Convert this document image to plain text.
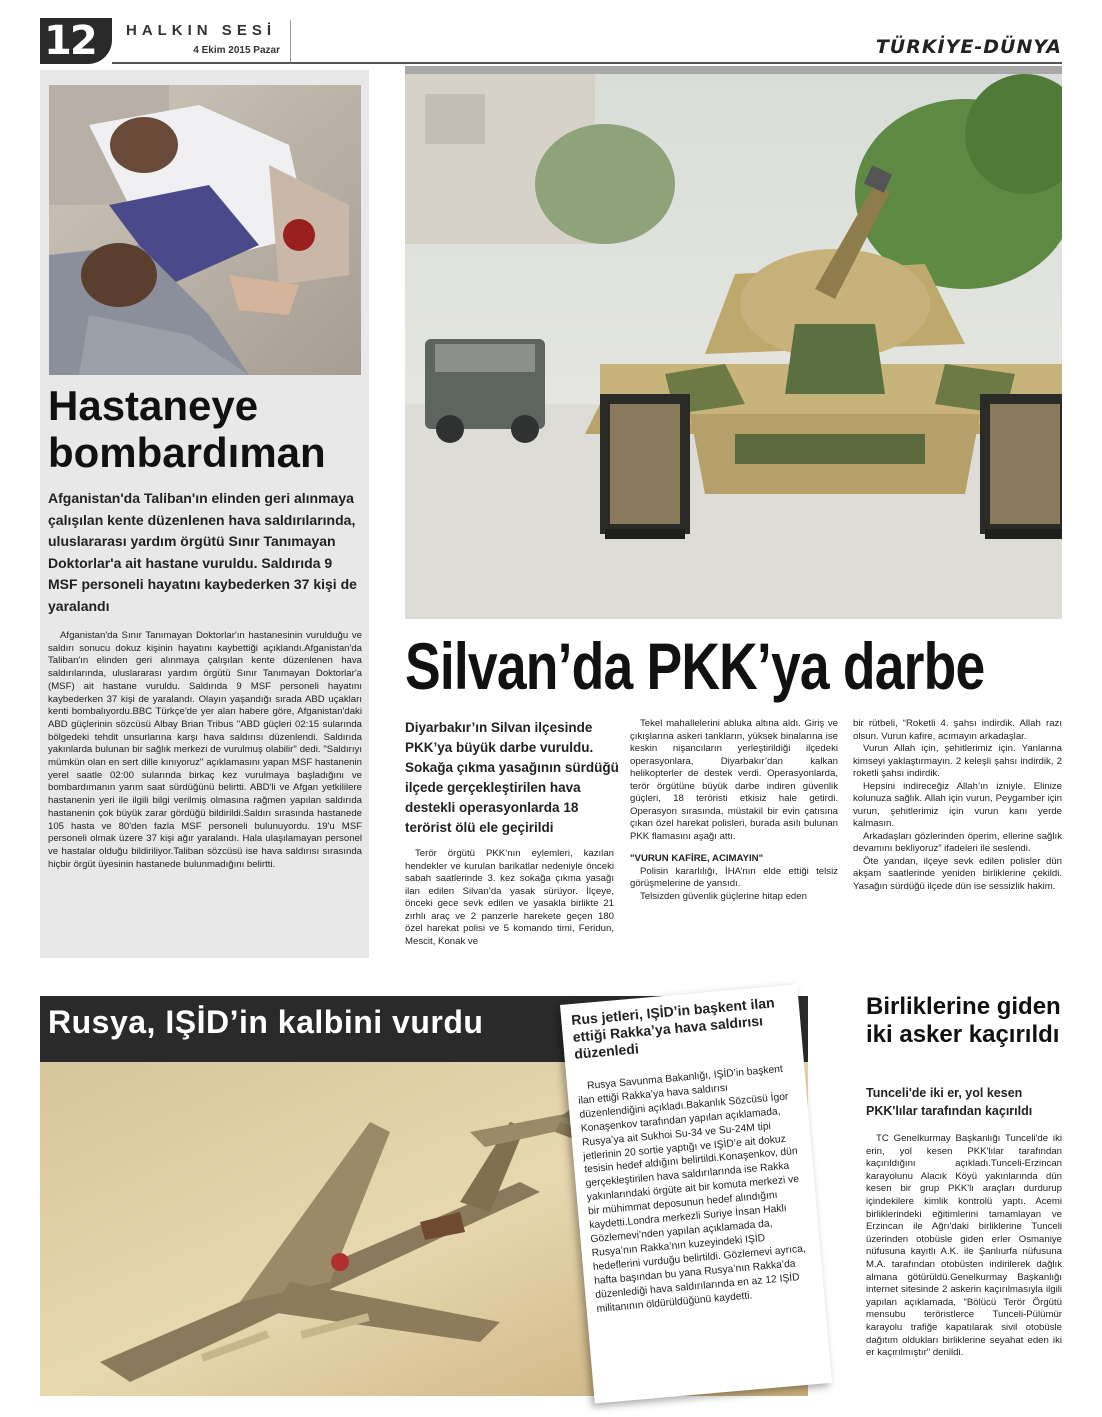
12	HALKIN SESİ
4 Ekim 2015 Pazar	TÜRKİYE-DÜNYA
Hastaneye bombardıman
Afganistan'da Taliban'ın elinden geri alınmaya çalışılan kente düzenlenen hava saldırılarında, uluslararası yardım örgütü Sınır Tanımayan Doktorlar'a ait hastane vuruldu. Saldırıda 9 MSF personeli hayatını kaybederken 37 kişi de yaralandı
Afganistan'da Sınır Tanımayan Doktorlar'ın hastanesinin vurulduğu ve saldırı sonucu dokuz kişinin hayatını kaybettiği açıklandı.Afganistan'da Taliban'ın elinden geri alınmaya çalışılan kente düzenlenen hava saldırılarında, uluslararası yardım örgütü Sınır Tanımayan Doktorlar'a (MSF) ait hastane vuruldu. Saldırıda 9 MSF personeli hayatını kaybederken 37 kişi de yaralandı. Olayın yaşandığı sırada ABD uçakları kenti bombalıyordu.BBC Türkçe'de yer alan habere göre, Afganistan'daki ABD güçlerinin sözcüsü Albay Brian Tribus "ABD güçleri 02:15 sularında bölgedeki tehdit unsurlarına karşı hava saldırısı düzenlendi. Saldırıda yakınlarda bulunan bir sağlık merkezi de vurulmuş olabilir" dedi. "Saldırıyı mümkün olan en sert dille kınıyoruz" açıklamasını yapan MSF hastanenin yerel saatle 02:00 sularında birkaç kez vurulmaya başladığını ve bombardımanın yarım saat sürdüğünü belirtti. ABD'li ve Afgan yetkililere hastanenin yeri ile ilgili bilgi verilmiş olmasına rağmen yapılan saldırıda hastanenin çok büyük zarar gördüğü bildirildi.Saldırı sırasında hastanede 105 hasta ve 80'den fazla MSF personeli bulunuyordu. 19'u MSF personeli olmak üzere 37 kişi ağır yaralandı. Hala ulaşılamayan personel ve hastalar olduğu bildiriliyor.Taliban sözcüsü ise hava saldırısı sırasında hiçbir örgüt üyesinin hastanede bulunmadığını belirtti.
Silvan’da PKK’ya darbe
Diyarbakır’ın Silvan ilçesinde PKK’ya büyük darbe vuruldu. Sokağa çıkma yasağının sürdüğü ilçede gerçekleştirilen hava destekli operasyonlarda 18 terörist ölü ele geçirildi

Terör örgütü PKK’nın eylemleri, kazılan hendekler ve kurulan barikatlar nedeniyle önceki sabah saatlerinde 3. kez sokağa çıkma yasağı ilan edilen Silvan’da yasak sürüyor. İlçeye, önceki gece sevk edilen ve yasakla birlikte 21 zırhlı araç ve 2 panzerle harekete geçen 180 özel harekat polisi ve 5 komando timi, Feridun, Mescit, Konak ve

Tekel mahallelerini abluka altına aldı. Giriş ve çıkışlarına askeri tankların, yüksek binalarına ise keskin nişancıların yerleştirildiği ilçedeki operasyonlara, Diyarbakır’dan kalkan helikopterler de destek verdi. Operasyonlarda, terör örgütüne büyük darbe indiren güvenlik güçleri, 18 teröristi etkisiz hale getirdi. Operasyon sırasında, müstakil bir evin çatısına çıkan özel harekat polisleri, burada asılı bulunan PKK flamasını aşağı attı.

"VURUN KAFİRE, ACIMAYIN"

Polisin kararlılığı, İHA’nın elde ettiği telsiz görüşmelerine de yansıdı.

Telsizden güvenlik güçlerine hitap eden

bir rütbeli, “Roketli 4. şahsı indirdik. Allah razı olsun. Vurun kafire, acımayın arkadaşlar.

Vurun Allah için, şehitlerimiz için. Yanlarına kimseyi yaklaştırmayın. 2 keleşli şahsı indirdik, 2 roketli şahsı indirdik.

Hepsini indireceğiz Allah’ın izniyle. Elinize kolunuza sağlık. Allah için vurun, Peygamber için vurun, şehitlerimiz için vurun kanı yerde kalmasın.

Arkadaşları gözlerinden öperim, ellerine sağlık devamını bekliyoruz” ifadeleri ile seslendi.

Öte yandan, ilçeye sevk edilen polisler dün akşam saatlerinde yeniden birliklerine çekildi. Yasağın sürdüğü ilçede dün ise sessizlik hakim.

Rusya, IŞİD’in kalbini vurdu	Rus jetleri, IŞİD’in başkent ilan ettiği Rakka’ya hava saldırısı düzenledi
Rusya Savunma Bakanlığı, IŞİD’in başkent ilan ettiği Rakka’ya hava saldırısı düzenlendiğini açıkladı.Bakanlık Sözcüsü İgor Konaşenkov tarafından yapılan açıklamada, Rusya’ya ait Sukhoi Su-34 ve Su-24M tipi jetlerinin 20 sortie yaptığı ve IŞİD’e ait dokuz tesisin hedef aldığını belirtildi.Konaşenkov, dün gerçekleştirilen hava saldırılarında ise Rakka yakınlarındaki örgüte ait bir komuta merkezi ve bir mühimmat deposunun hedef alındığını kaydetti.Londra merkezli Suriye İnsan Haklı Gözlemevi’nden yapılan açıklamada da, Rusya’nın Rakka’nın kuzeyindeki IŞİD hedeflerini vurduğu belirtildi. Gözlemevi ayrıca, hafta başından bu yana Rusya’nın Rakka’da düzenlediği hava saldırılarında en az 12 IŞİD militanının öldürüldüğünü kaydetti.
Birliklerine giden iki asker kaçırıldı
Tunceli'de iki er, yol kesen PKK'lılar tarafından kaçırıldı
TC Genelkurmay Başkanlığı Tunceli'de iki erin, yol kesen PKK'lılar tarafından kaçırıldığını açıkladı.Tunceli-Erzincan karayolunu Alacık Köyü yakınlarında dün kesen bir grup PKK'lı araçları durdurup içindekilere kimlik kontrolü yaptı. Acemi birliklerindeki eğitimlerini tamamlayan ve Erzincan ile Ağrı'daki birliklerine Tunceli üzerinden otobüsle giden erler Osmaniye nüfusuna kayıtlı A.K. ile Şanlıurfa nüfusuna M.A. tarafından otobüsten indirilerek dağlık almana götürüldü.Genelkurmay Başkanlığı internet sitesinde 2 askerin kaçırılmasıyla ilgili yapılan açıklamada, "Bölücü Terör Örgütü mensubu teröristlerce Tunceli-Pülümür karayolu trafiğe kapatılarak sivil otobüsle dağıtım oldukları birliklerine seyahat eden iki er kaçırılmıştır" denildi.
